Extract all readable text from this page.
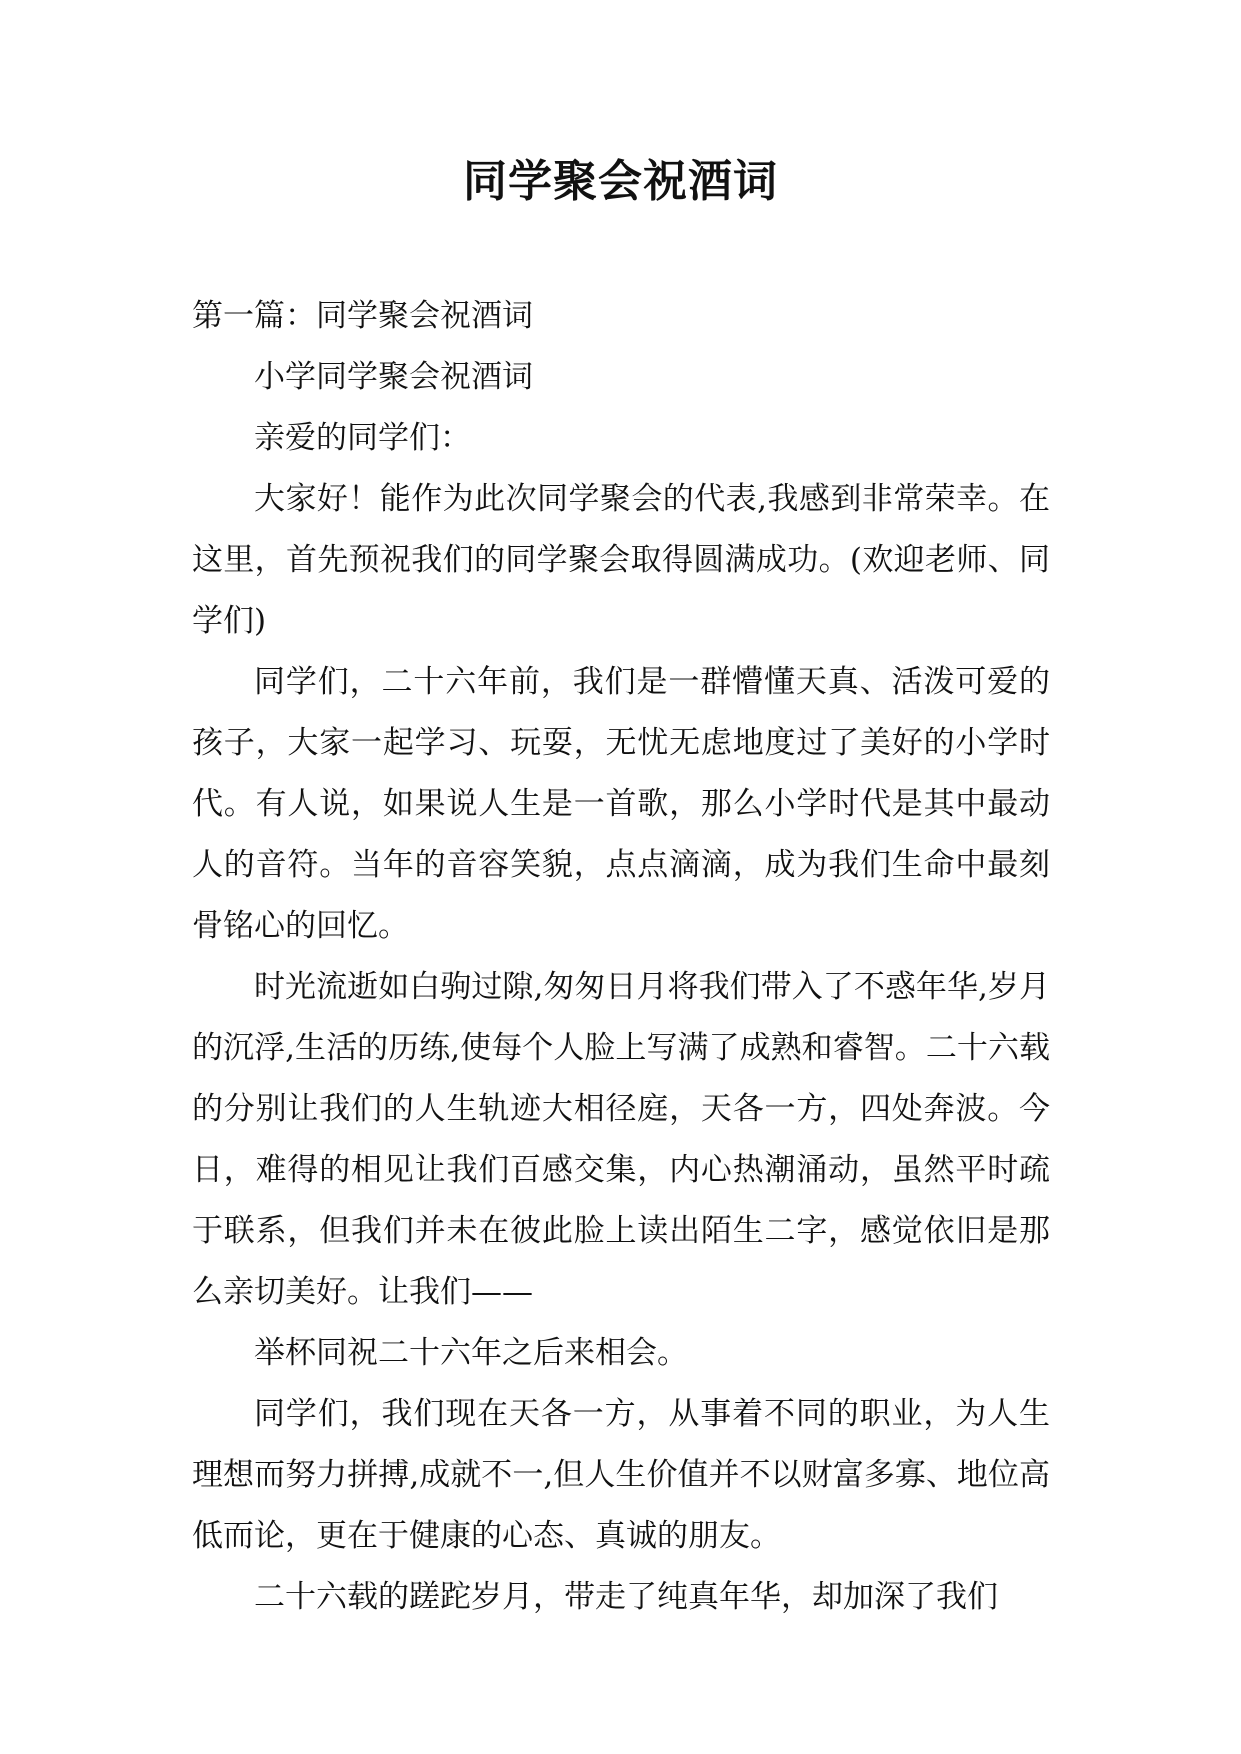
同学聚会祝酒词

第一篇：同学聚会祝酒词

小学同学聚会祝酒词

亲爱的同学们：

大家好！能作为此次同学聚会的代表,我感到非常荣幸。在这里，首先预祝我们的同学聚会取得圆满成功。(欢迎老师、同学们)

同学们，二十六年前，我们是一群懵懂天真、活泼可爱的孩子，大家一起学习、玩耍，无忧无虑地度过了美好的小学时代。有人说，如果说人生是一首歌，那么小学时代是其中最动人的音符。当年的音容笑貌，点点滴滴，成为我们生命中最刻骨铭心的回忆。

时光流逝如白驹过隙,匆匆日月将我们带入了不惑年华,岁月的沉浮,生活的历练,使每个人脸上写满了成熟和睿智。二十六载的分别让我们的人生轨迹大相径庭，天各一方，四处奔波。今日，难得的相见让我们百感交集，内心热潮涌动，虽然平时疏于联系，但我们并未在彼此脸上读出陌生二字，感觉依旧是那么亲切美好。让我们——

举杯同祝二十六年之后来相会。

同学们，我们现在天各一方，从事着不同的职业，为人生理想而努力拼搏,成就不一,但人生价值并不以财富多寡、地位高低而论，更在于健康的心态、真诚的朋友。

二十六载的蹉跎岁月，带走了纯真年华，却加深了我们
